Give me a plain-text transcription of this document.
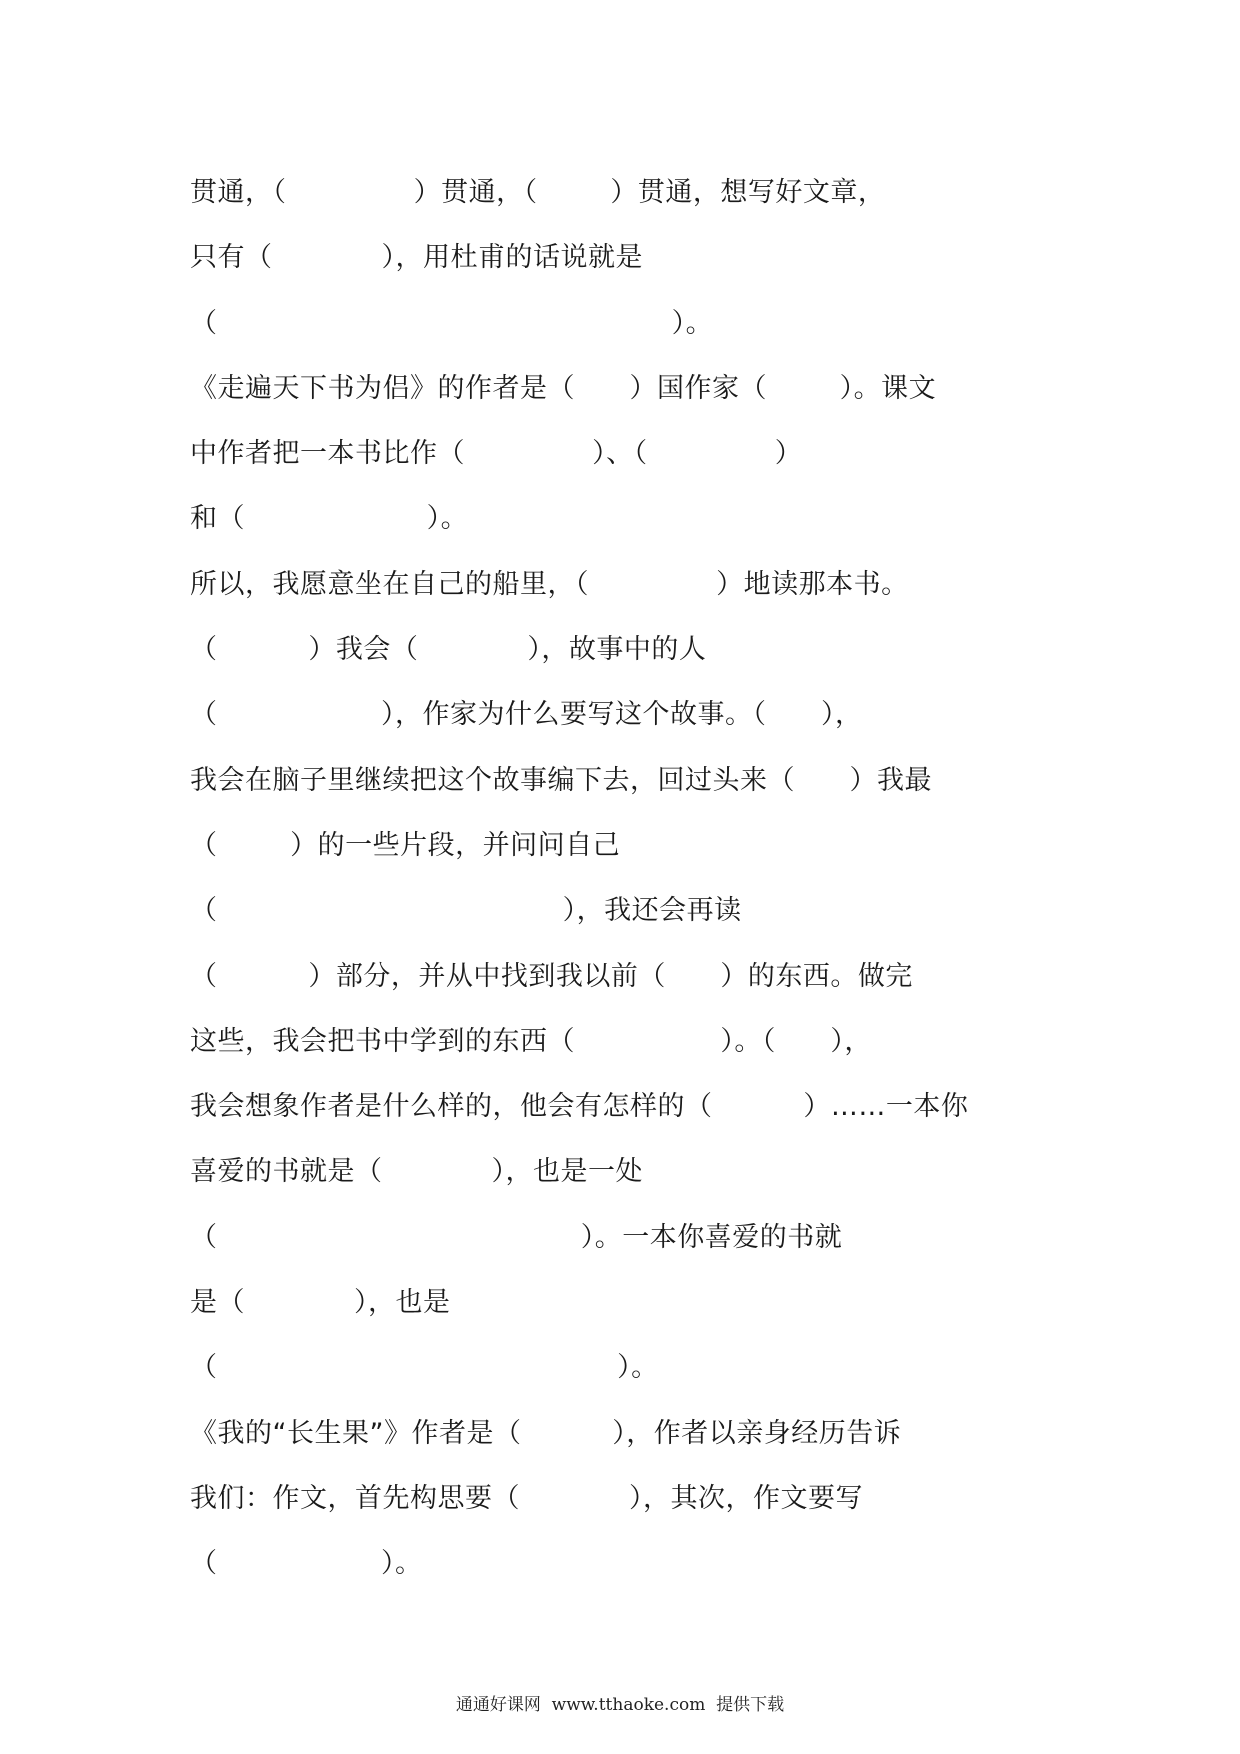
贯通，（              ）贯通，（        ）贯通，想写好文章，
只有（            ），用杜甫的话说就是
（                                                  ）。
《走遍天下书为侣》的作者是（      ）国作家（        ）。课文
中作者把一本书比作（              ）、（              ）
和（                    ）。
所以，我愿意坐在自己的船里，（              ）地读那本书。
（          ）我会（            ），故事中的人
（                  ），作家为什么要写这个故事。（      ），
我会在脑子里继续把这个故事编下去，回过头来（      ）我最
（        ）的一些片段，并问问自己
（                                      ），我还会再读
（          ）部分，并从中找到我以前（      ）的东西。做完
这些，我会把书中学到的东西（                ）。（      ），
我会想象作者是什么样的，他会有怎样的（          ）……一本你
喜爱的书就是（            ），也是一处
（                                        ）。一本你喜爱的书就
是（            ），也是
（                                            ）。
《我的“长生果”》作者是（          ），作者以亲身经历告诉
我们：作文，首先构思要（            ），其次，作文要写
（                  ）。
通通好课网  www.tthaoke.com  提供下载
